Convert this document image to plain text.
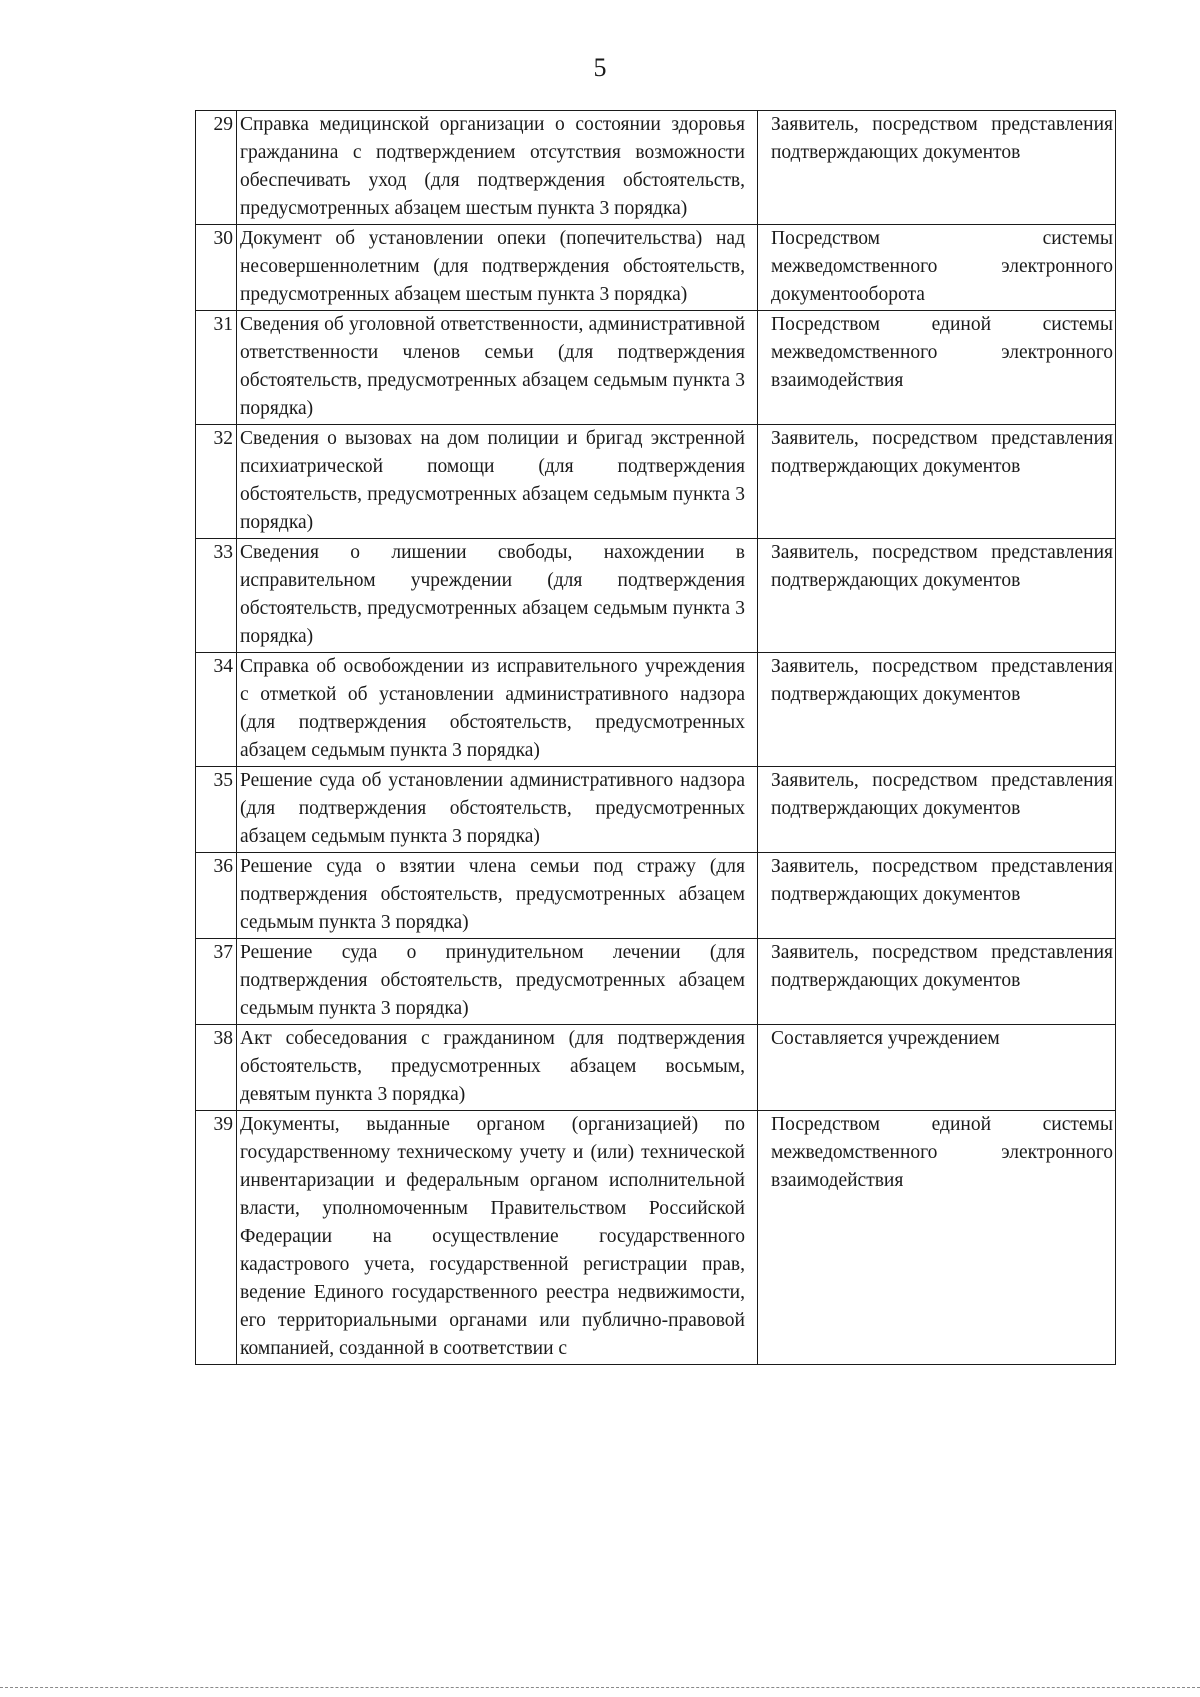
5
29	Справка медицинской организации о состоянии здоровья гражданина с подтверждением отсутствия возможности обеспечивать уход (для подтверждения обстоятельств, предусмотренных абзацем шестым пункта 3 порядка)	Заявитель, посредством представления подтверждающих документов
30	Документ об установлении опеки (попечительства) над несовершеннолетним (для подтверждения обстоятельств, предусмотренных абзацем шестым пункта 3 порядка)	Посредством системы межведомственного электронного документооборота
31	Сведения об уголовной ответственности, административной ответственности членов семьи (для подтверждения обстоятельств, предусмотренных абзацем седьмым пункта 3 порядка)	Посредством единой системы межведомственного электронного взаимодействия
32	Сведения о вызовах на дом полиции и бригад экстренной психиатрической помощи (для подтверждения обстоятельств, предусмотренных абзацем седьмым пункта 3 порядка)	Заявитель, посредством представления подтверждающих документов
33	Сведения о лишении свободы, нахождении в исправительном учреждении (для подтверждения обстоятельств, предусмотренных абзацем седьмым пункта 3 порядка)	Заявитель, посредством представления подтверждающих документов
34	Справка об освобождении из исправительного учреждения с отметкой об установлении административного надзора (для подтверждения обстоятельств, предусмотренных абзацем седьмым пункта 3 порядка)	Заявитель, посредством представления подтверждающих документов
35	Решение суда об установлении административного надзора (для подтверждения обстоятельств, предусмотренных абзацем седьмым пункта 3 порядка)	Заявитель, посредством представления подтверждающих документов
36	Решение суда о взятии члена семьи под стражу (для подтверждения обстоятельств, предусмотренных абзацем седьмым пункта 3 порядка)	Заявитель, посредством представления подтверждающих документов
37	Решение суда о принудительном лечении (для подтверждения обстоятельств, предусмотренных абзацем седьмым пункта 3 порядка)	Заявитель, посредством представления подтверждающих документов
38	Акт собеседования с гражданином (для подтверждения обстоятельств, предусмотренных абзацем восьмым, девятым пункта 3 порядка)	Составляется учреждением
39	Документы, выданные органом (организацией) по государственному техническому учету и (или) технической инвентаризации и федеральным органом исполнительной власти, уполномоченным Правительством Российской Федерации на осуществление государственного кадастрового учета, государственной регистрации прав, ведение Единого государственного реестра недвижимости, его территориальными органами или публично-правовой компанией, созданной в соответствии с	Посредством единой системы межведомственного электронного взаимодействия
